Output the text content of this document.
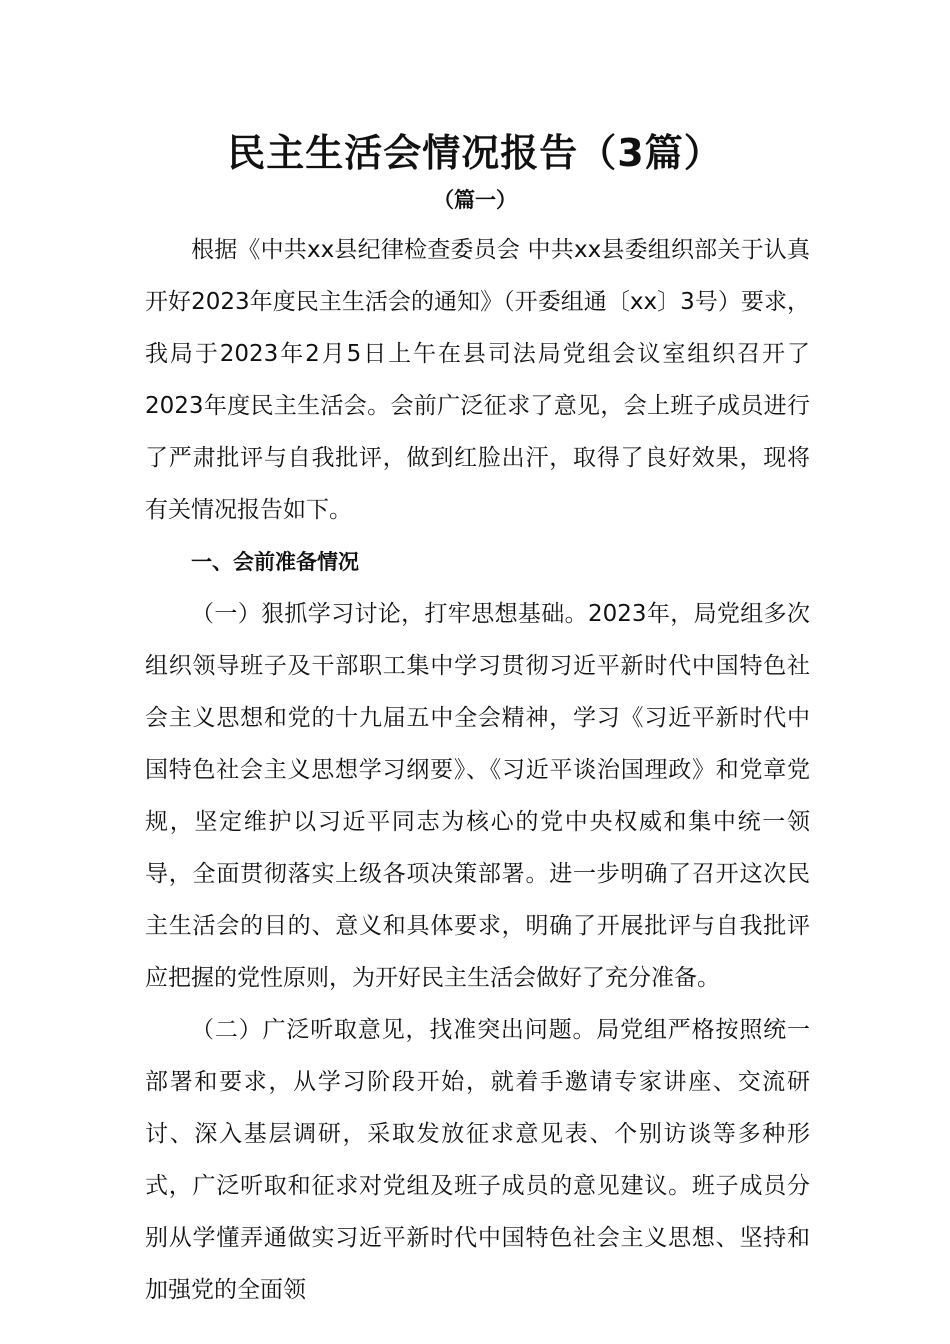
民主生活会情况报告（3篇）
（篇一）

根据《中共xx县纪律检查委员会 中共xx县委组织部关于认真开好2023年度民主生活会的通知》（开委组通〔xx〕3号）要求，我局于2023年2月5日上午在县司法局党组会议室组织召开了2023年度民主生活会。会前广泛征求了意见，会上班子成员进行了严肃批评与自我批评，做到红脸出汗，取得了良好效果，现将有关情况报告如下。

一、会前准备情况

（一）狠抓学习讨论，打牢思想基础。2023年，局党组多次组织领导班子及干部职工集中学习贯彻习近平新时代中国特色社会主义思想和党的十九届五中全会精神，学习《习近平新时代中国特色社会主义思想学习纲要》、《习近平谈治国理政》和党章党规，坚定维护以习近平同志为核心的党中央权威和集中统一领导，全面贯彻落实上级各项决策部署。进一步明确了召开这次民主生活会的目的、意义和具体要求，明确了开展批评与自我批评应把握的党性原则，为开好民主生活会做好了充分准备。

（二）广泛听取意见，找准突出问题。局党组严格按照统一部署和要求，从学习阶段开始，就着手邀请专家讲座、交流研讨、深入基层调研，采取发放征求意见表、个别访谈等多种形式，广泛听取和征求对党组及班子成员的意见建议。班子成员分别从学懂弄通做实习近平新时代中国特色社会主义思想、坚持和加强党的全面领
